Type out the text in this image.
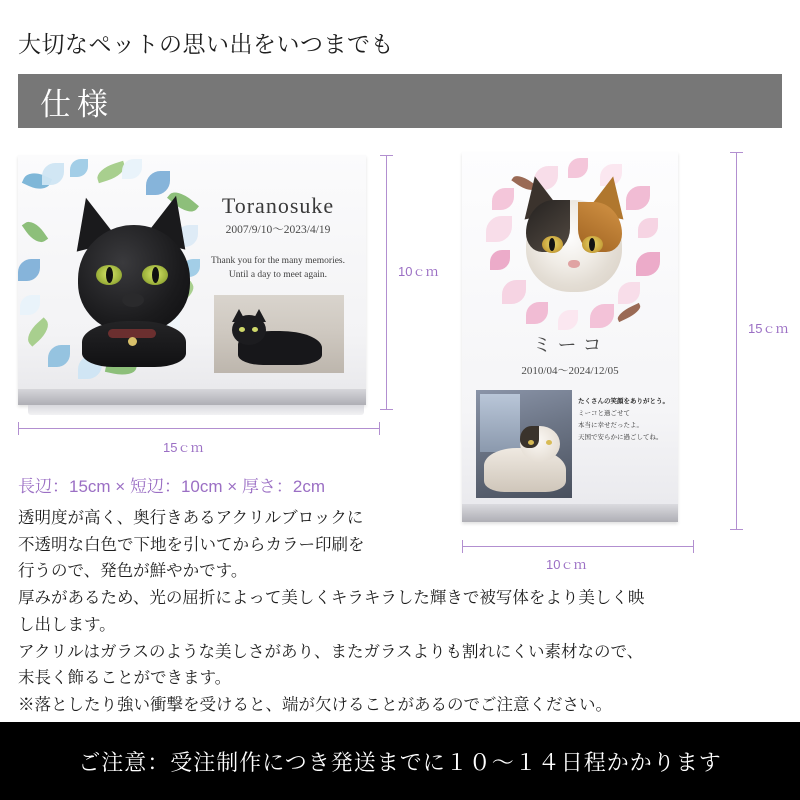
大切なペットの思い出をいつまでも
仕様
Toranosuke
2007/9/10〜2023/4/19
Thank you for the many memories.
Until a day to meet again.	10ｃｍ
15ｃｍ
ミーコ
2010/04〜2024/12/05
たくさんの笑顔をありがとう。
ミーコと過ごせて
本当に幸せだったよ。
天国で安らかに過ごしてね。
15ｃｍ
10ｃｍ
長辺：15cm × 短辺：10cm × 厚さ：2cm

透明度が高く、奥行きあるアクリルブロックに

不透明な白色で下地を引いてからカラー印刷を

行うので、発色が鮮やかです。

厚みがあるため、光の屈折によって美しくキラキラした輝きで被写体をより美しく映

し出します。

アクリルはガラスのような美しさがあり、またガラスよりも割れにくい素材なので、

末長く飾ることができます。

※落としたり強い衝撃を受けると、端が欠けることがあるのでご注意ください。

ご注意：受注制作につき発送までに１０〜１４日程かかります
